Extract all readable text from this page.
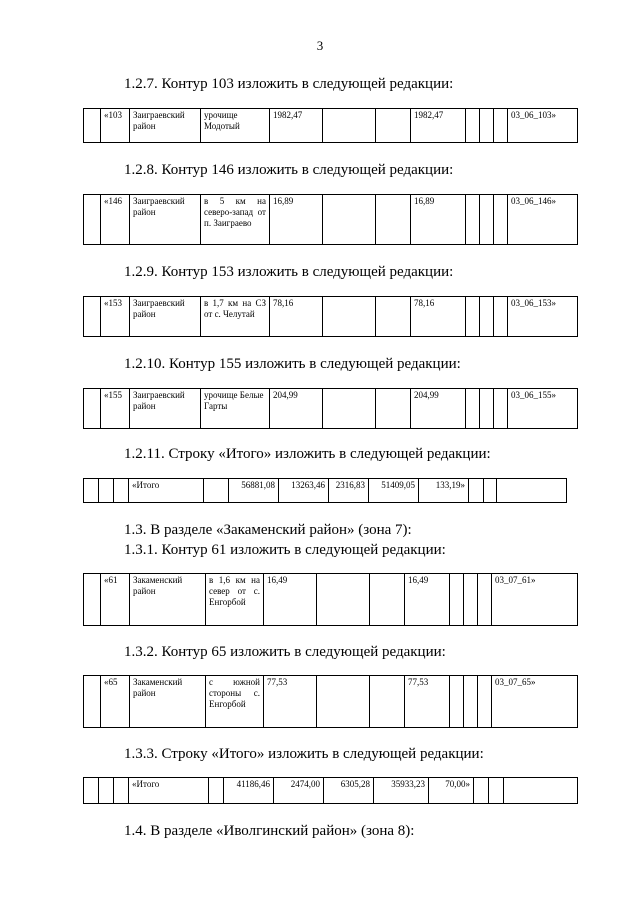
3
1.2.7. Контур 103 изложить в следующей редакции:
	«103	Заиграевский район	урочище Модотый	1982,47			1982,47				03_06_103»
1.2.8. Контур 146 изложить в следующей редакции:
	«146	Заиграевский район	в 5 км на северо-запад от п. Заиграево	16,89			16,89				03_06_146»
1.2.9. Контур 153 изложить в следующей редакции:
	«153	Заиграевский район	в 1,7 км на СЗ от с. Челутай	78,16			78,16				03_06_153»
1.2.10. Контур 155 изложить в следующей редакции:
	«155	Заиграевский район	урочище Белые Гарты	204,99			204,99				03_06_155»
1.2.11. Строку «Итого» изложить в следующей редакции:
			«Итого		56881,08	13263,46	2316,83	51409,05	133,19»			
1.3. В разделе «Закаменский район» (зона 7):
1.3.1. Контур 61 изложить в следующей редакции:
	«61	Закаменский район	в 1,6 км на север от с. Енгорбой	16,49			16,49				03_07_61»
1.3.2. Контур 65 изложить в следующей редакции:
	«65	Закаменский район	с южной стороны с. Енгорбой	77,53			77,53				03_07_65»
1.3.3. Строку «Итого» изложить в следующей редакции:
			«Итого		41186,46	2474,00	6305,28	35933,23	70,00»			
1.4. В разделе «Иволгинский район» (зона 8):
